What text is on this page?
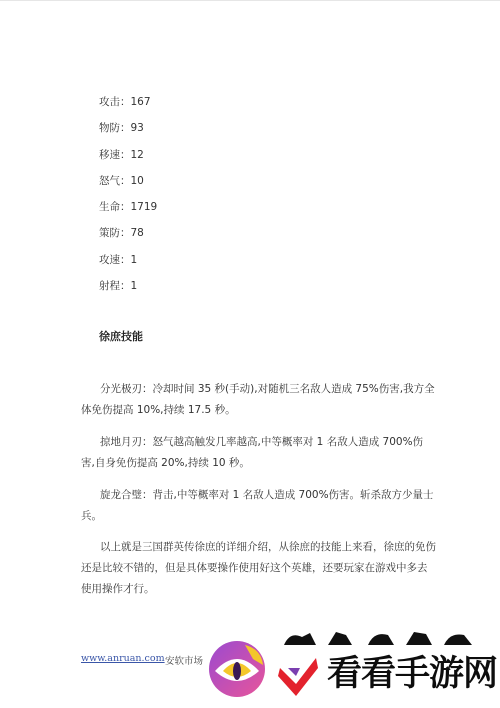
攻击：167
物防：93
移速：12
怒气：10
生命：1719
策防：78
攻速：1
射程：1
徐庶技能

分光极刃：冷却时间 35 秒(手动),对随机三名敌人造成 75%伤害,我方全体免伤提高 10%,持续 17.5 秒。

掠地月刃：怒气越高触发几率越高,中等概率对 1 名敌人造成 700%伤害,自身免伤提高 20%,持续 10 秒。

旋龙合璧：背击,中等概率对 1 名敌人造成 700%伤害。斩杀敌方少量士兵。

以上就是三国群英传徐庶的详细介绍，从徐庶的技能上来看，徐庶的免伤还是比较不错的，但是具体要操作使用好这个英雄，还要玩家在游戏中多去使用操作才行。

www.anruan.com 安软市场	看看手游网
